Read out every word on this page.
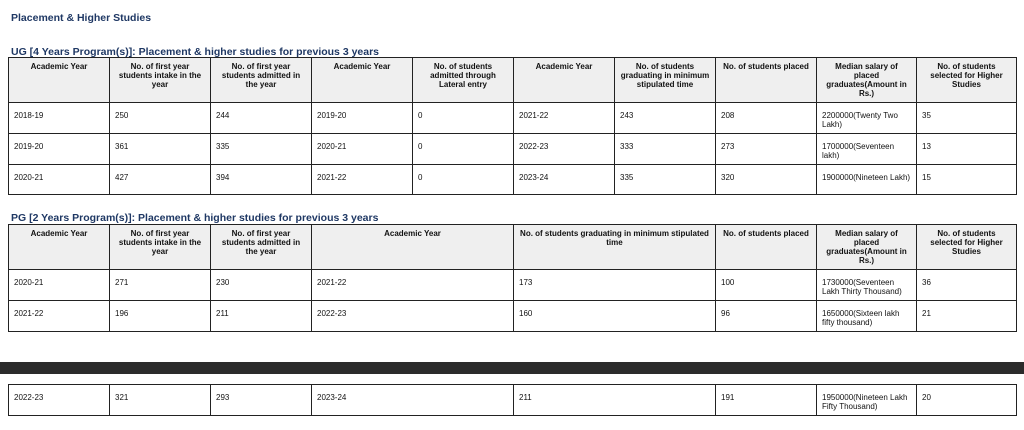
Placement & Higher Studies
UG [4 Years Program(s)]: Placement & higher studies for previous 3 years
Academic Year	No. of first year students intake in the year	No. of first year students admitted in the year	Academic Year	No. of students admitted through Lateral entry	Academic Year	No. of students graduating in minimum stipulated time	No. of students placed	Median salary of placed graduates(Amount in Rs.)	No. of students selected for Higher Studies
2018-19	250	244	2019-20	0	2021-22	243	208	2200000(Twenty Two Lakh)	35
2019-20	361	335	2020-21	0	2022-23	333	273	1700000(Seventeen lakh)	13
2020-21	427	394	2021-22	0	2023-24	335	320	1900000(Nineteen Lakh)	15
PG [2 Years Program(s)]: Placement & higher studies for previous 3 years
Academic Year	No. of first year students intake in the year	No. of first year students admitted in the year	Academic Year	No. of students graduating in minimum stipulated time	No. of students placed	Median salary of placed graduates(Amount in Rs.)	No. of students selected for Higher Studies
2020-21	271	230	2021-22	173	100	1730000(Seventeen Lakh Thirty Thousand)	36
2021-22	196	211	2022-23	160	96	1650000(Sixteen lakh fifty thousand)	21
2022-23	321	293	2023-24	211	191	1950000(Nineteen Lakh Fifty Thousand)	20
